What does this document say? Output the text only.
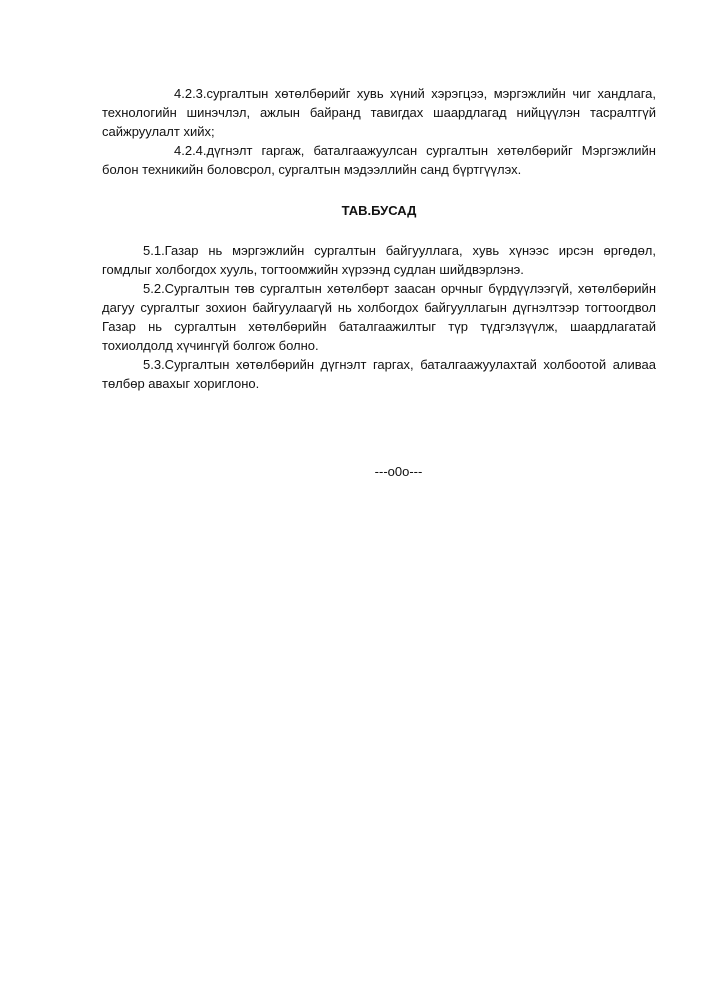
4.2.3.сургалтын хөтөлбөрийг хувь хүний хэрэгцээ, мэргэжлийн чиг хандлага, технологийн шинэчлэл, ажлын байранд тавигдах шаардлагад нийцүүлэн тасралтгүй сайжруулалт хийх;

4.2.4.дүгнэлт гаргаж, баталгаажуулсан сургалтын хөтөлбөрийг Мэргэжлийн болон техникийн боловсрол, сургалтын мэдээллийн санд бүртгүүлэх.

ТАВ.БУСАД

5.1.Газар нь мэргэжлийн сургалтын байгууллага, хувь хүнээс ирсэн өргөдөл, гомдлыг холбогдох хууль, тогтоомжийн хүрээнд судлан шийдвэрлэнэ.

5.2.Сургалтын төв сургалтын хөтөлбөрт заасан орчныг бүрдүүлээгүй, хөтөлбөрийн дагуу сургалтыг зохион байгуулаагүй нь холбогдох байгууллагын дүгнэлтээр тогтоогдвол Газар нь сургалтын хөтөлбөрийн баталгаажилтыг түр түдгэлзүүлж, шаардлагатай тохиолдолд хүчингүй болгож болно.

5.3.Сургалтын хөтөлбөрийн дүгнэлт гаргах, баталгаажуулахтай холбоотой аливаа төлбөр авахыг хориглоно.

---o0o---
